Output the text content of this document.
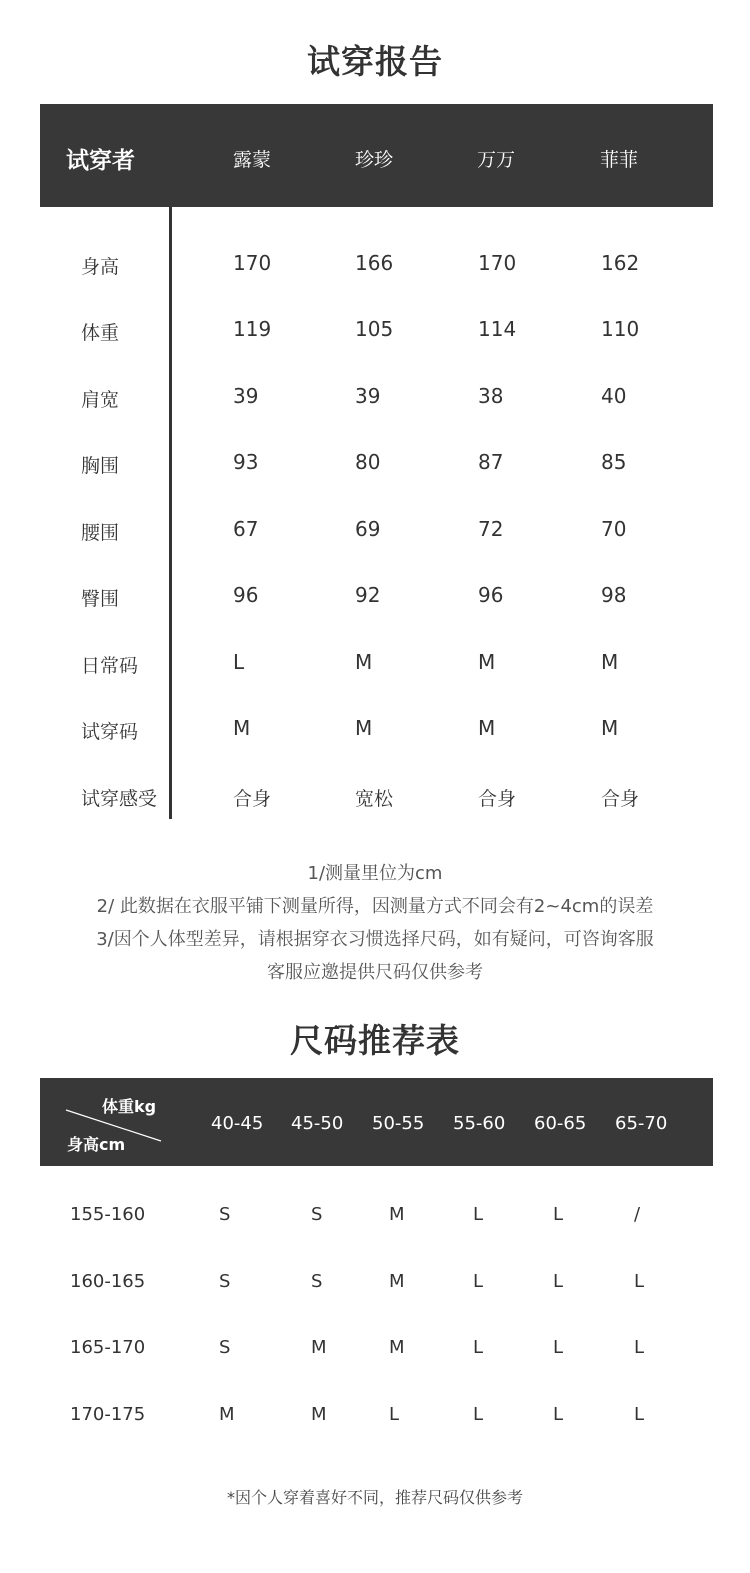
试穿报告
试穿者	露蒙	珍珍	万万	菲菲
身高	170	166	170	162
体重	119	105	114	110
肩宽	39	39	38	40
胸围	93	80	87	85
腰围	67	69	72	70
臀围	96	92	96	98
日常码	L	M	M	M
试穿码	M	M	M	M
试穿感受	合身	宽松	合身	合身
1/测量里位为cm
2/ 此数据在衣服平铺下测量所得，因测量方式不同会有2~4cm的误差
3/因个人体型差异，请根据穿衣习惯选择尺码，如有疑问，可咨询客服
客服应邀提供尺码仅供参考
尺码推荐表
体重kg
身高cm
40-45 45-50 50-55 55-60 60-65 65-70
155-160	S	S	M	L	L	/
160-165	S	S	M	L	L	L
165-170	S	M	M	L	L	L
170-175	M	M	L	L	L	L
*因个人穿着喜好不同，推荐尺码仅供参考
